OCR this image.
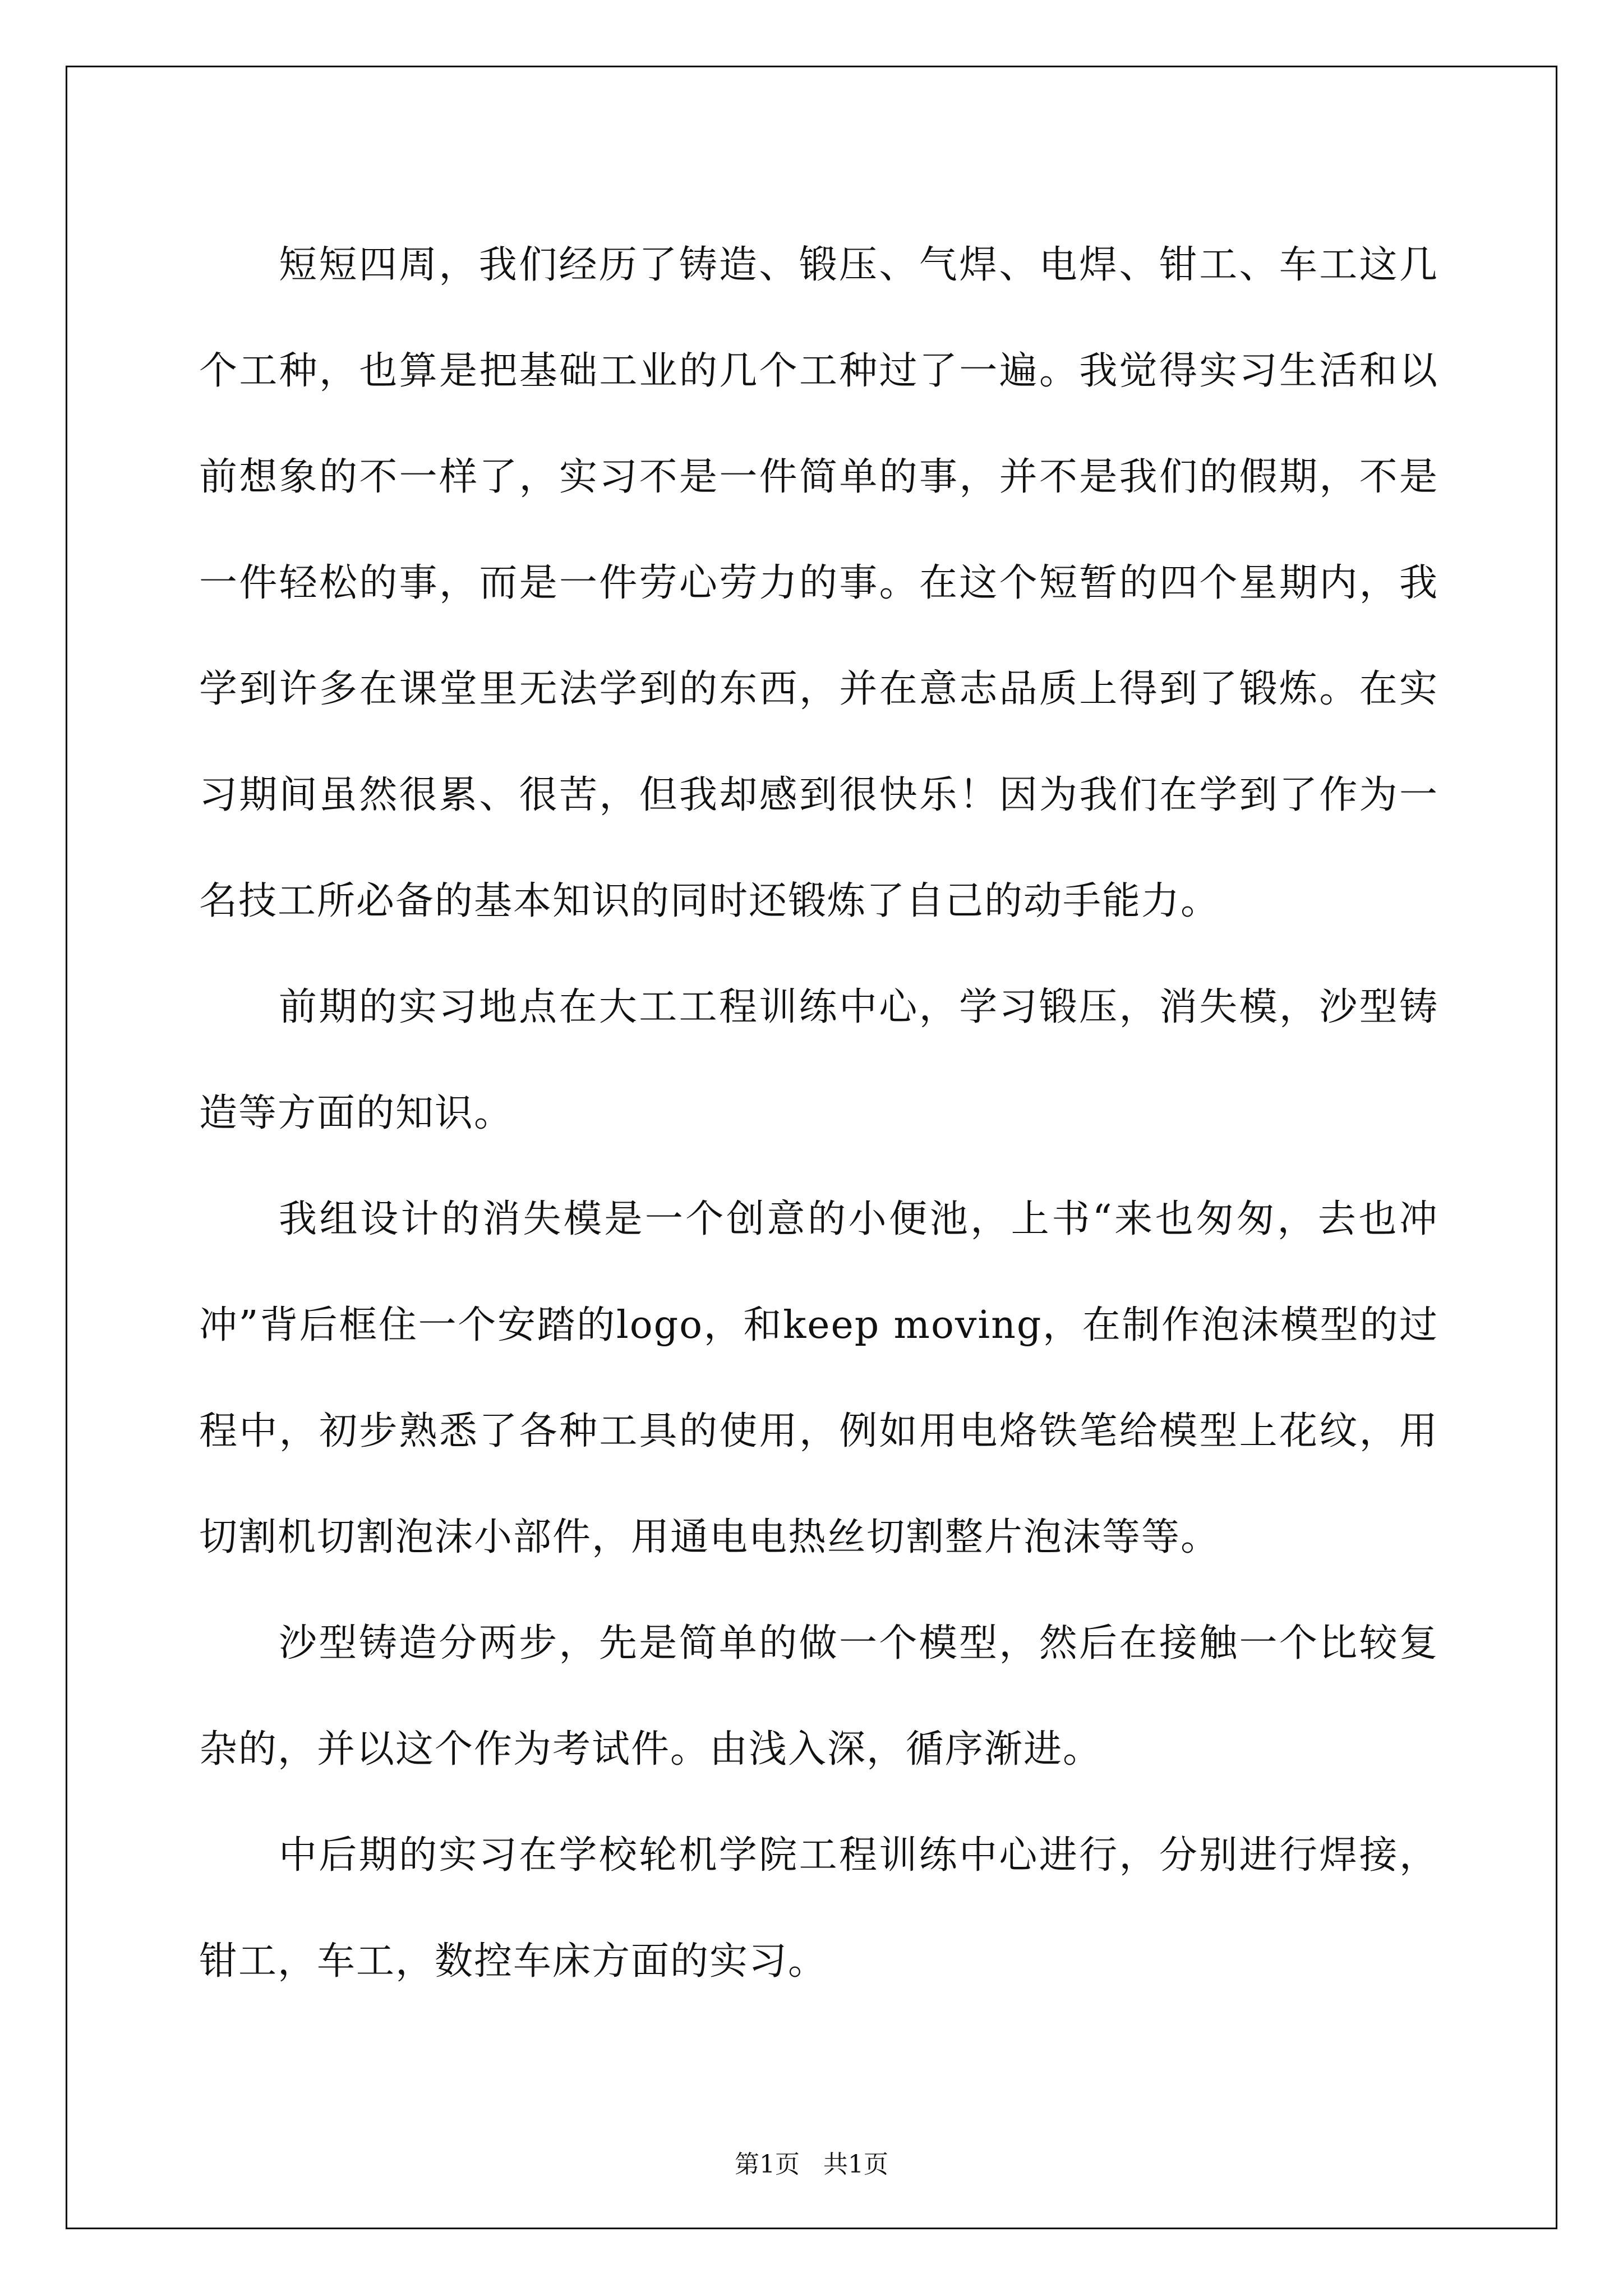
短短四周，我们经历了铸造、锻压、气焊、电焊、钳工、车工这几个工种，也算是把基础工业的几个工种过了一遍。我觉得实习生活和以前想象的不一样了，实习不是一件简单的事，并不是我们的假期，不是一件轻松的事，而是一件劳心劳力的事。在这个短暂的四个星期内，我学到许多在课堂里无法学到的东西，并在意志品质上得到了锻炼。在实习期间虽然很累、很苦，但我却感到很快乐！因为我们在学到了作为一名技工所必备的基本知识的同时还锻炼了自己的动手能力。

前期的实习地点在大工工程训练中心，学习锻压，消失模，沙型铸造等方面的知识。

我组设计的消失模是一个创意的小便池，上书“来也匆匆，去也冲冲”背后框住一个安踏的logo，和keep moving，在制作泡沫模型的过程中，初步熟悉了各种工具的使用，例如用电烙铁笔给模型上花纹，用切割机切割泡沫小部件，用通电电热丝切割整片泡沫等等。

沙型铸造分两步，先是简单的做一个模型，然后在接触一个比较复杂的，并以这个作为考试件。由浅入深，循序渐进。

中后期的实习在学校轮机学院工程训练中心进行，分别进行焊接，钳工，车工，数控车床方面的实习。

第1页   共1页
